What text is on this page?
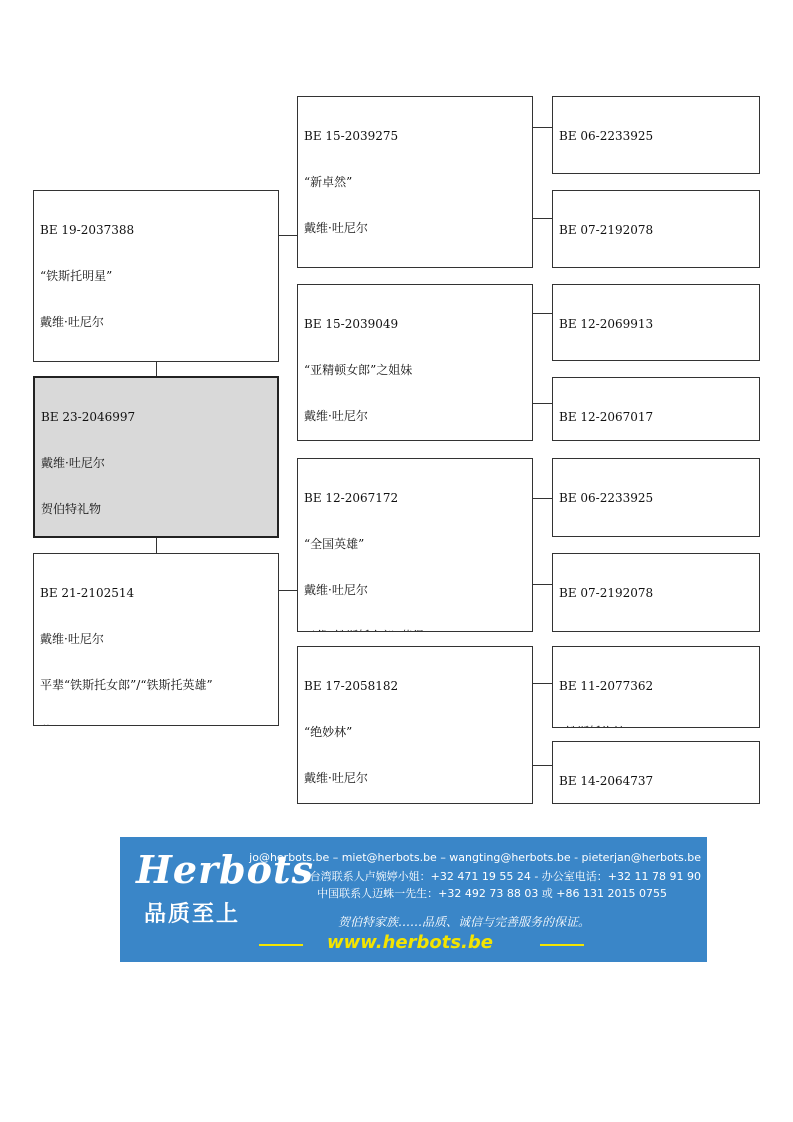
BE 19-2037388

“铁斯托明星”

戴维·吐尼尔

BE 23-2046997

戴维·吐尼尔

贺伯特礼物

BE 21-2102514

戴维·吐尼尔

平辈“铁斯托女郎”/“铁斯托英雄”

BE 15-2039275

“新卓然”

戴维·吐尼尔

BE 15-2039049

“亚精顿女郎”之姐妹

戴维·吐尼尔

BE 12-2067172

“全国英雄”

戴维·吐尼尔

BE 17-2058182

“绝妙林”

戴维·吐尼尔

BE 06-2233925

BE 07-2192078

BE 12-2069913

BE 12-2067017

BE 06-2233925

BE 07-2192078

BE 11-2077362

BE 14-2064737

Herbots
品质至上
jo@herbots.be – miet@herbots.be – wangting@herbots.be - pieterjan@herbots.be
台湾联系人卢婉婷小姐：+32 471 19 55 24 - 办公室电话：+32 11 78 91 90
中国联系人迈蛛一先生：+32 492 73 88 03 或 +86 131 2015 0755
贺伯特家族……品质、诚信与完善服务的保证。
www.herbots.be
